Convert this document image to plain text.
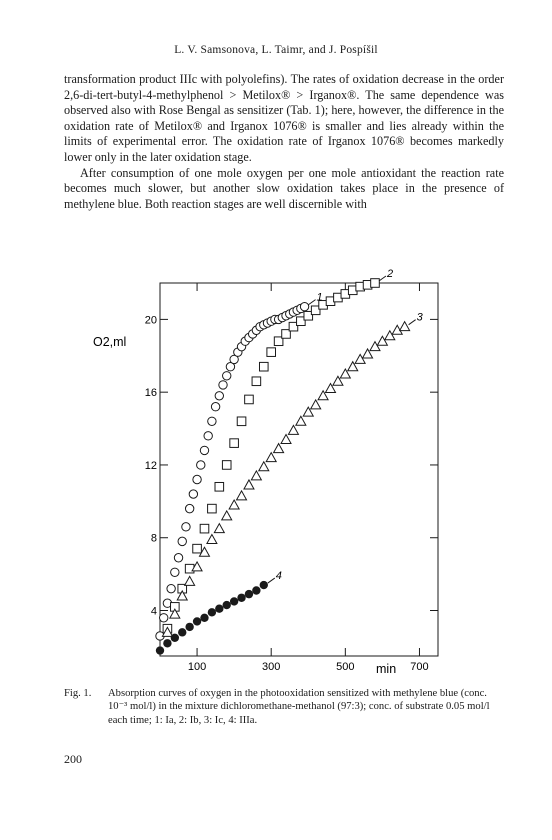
L. V. Samsonova, L. Taimr, and J. Pospíšil

transformation product IIIc with polyolefins). The rates of oxidation decrease in the order 2,6-di-tert-butyl-4-methylphenol > Metilox® > Irganox®. The same dependence was observed also with Rose Bengal as sensitizer (Tab. 1); here, however, the difference in the oxidation rate of Metilox® and Irganox 1076® is smaller and lies already within the limits of experimental error. The oxidation rate of Irganox 1076® becomes markedly lower only in the later oxidation stage.

After consumption of one mole oxygen per one mole antioxidant the reaction rate becomes much slower, but another slow oxidation takes place in the presence of methylene blue. Both reaction stages are well discernible with

100	300	500	700
4
8
12
16
20
1
2
3
4
O2,ml
min
Fig. 1. Absorption curves of oxygen in the photooxidation sensitized with methylene blue (conc. 10⁻³ mol/l) in the mixture dichloromethane-methanol (97:3); conc. of substrate 0.05 mol/l each time; 1: Ia, 2: Ib, 3: Ic, 4: IIIa.
200
